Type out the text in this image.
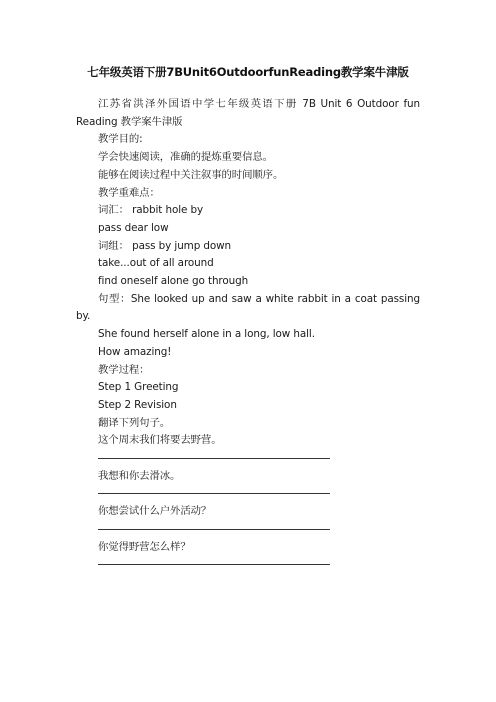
七年级英语下册7BUnit6OutdoorfunReading教学案牛津版

江苏省洪泽外国语中学七年级英语下册 7B Unit 6 Outdoor fun Reading 教学案牛津版

教学目的:

学会快速阅读，准确的提炼重要信息。

能够在阅读过程中关注叙事的时间顺序。

教学重难点：

词汇： rabbit hole by

pass dear low

词组： pass by jump down

take...out of all around

find oneself alone go through

句型：She looked up and saw a white rabbit in a coat passing by.

She found herself alone in a long, low hall.

How amazing!

教学过程：

Step 1 Greeting

Step 2 Revision

翻译下列句子。

这个周末我们将要去野营。

我想和你去滑冰。

你想尝试什么户外活动？

你觉得野营怎么样？
